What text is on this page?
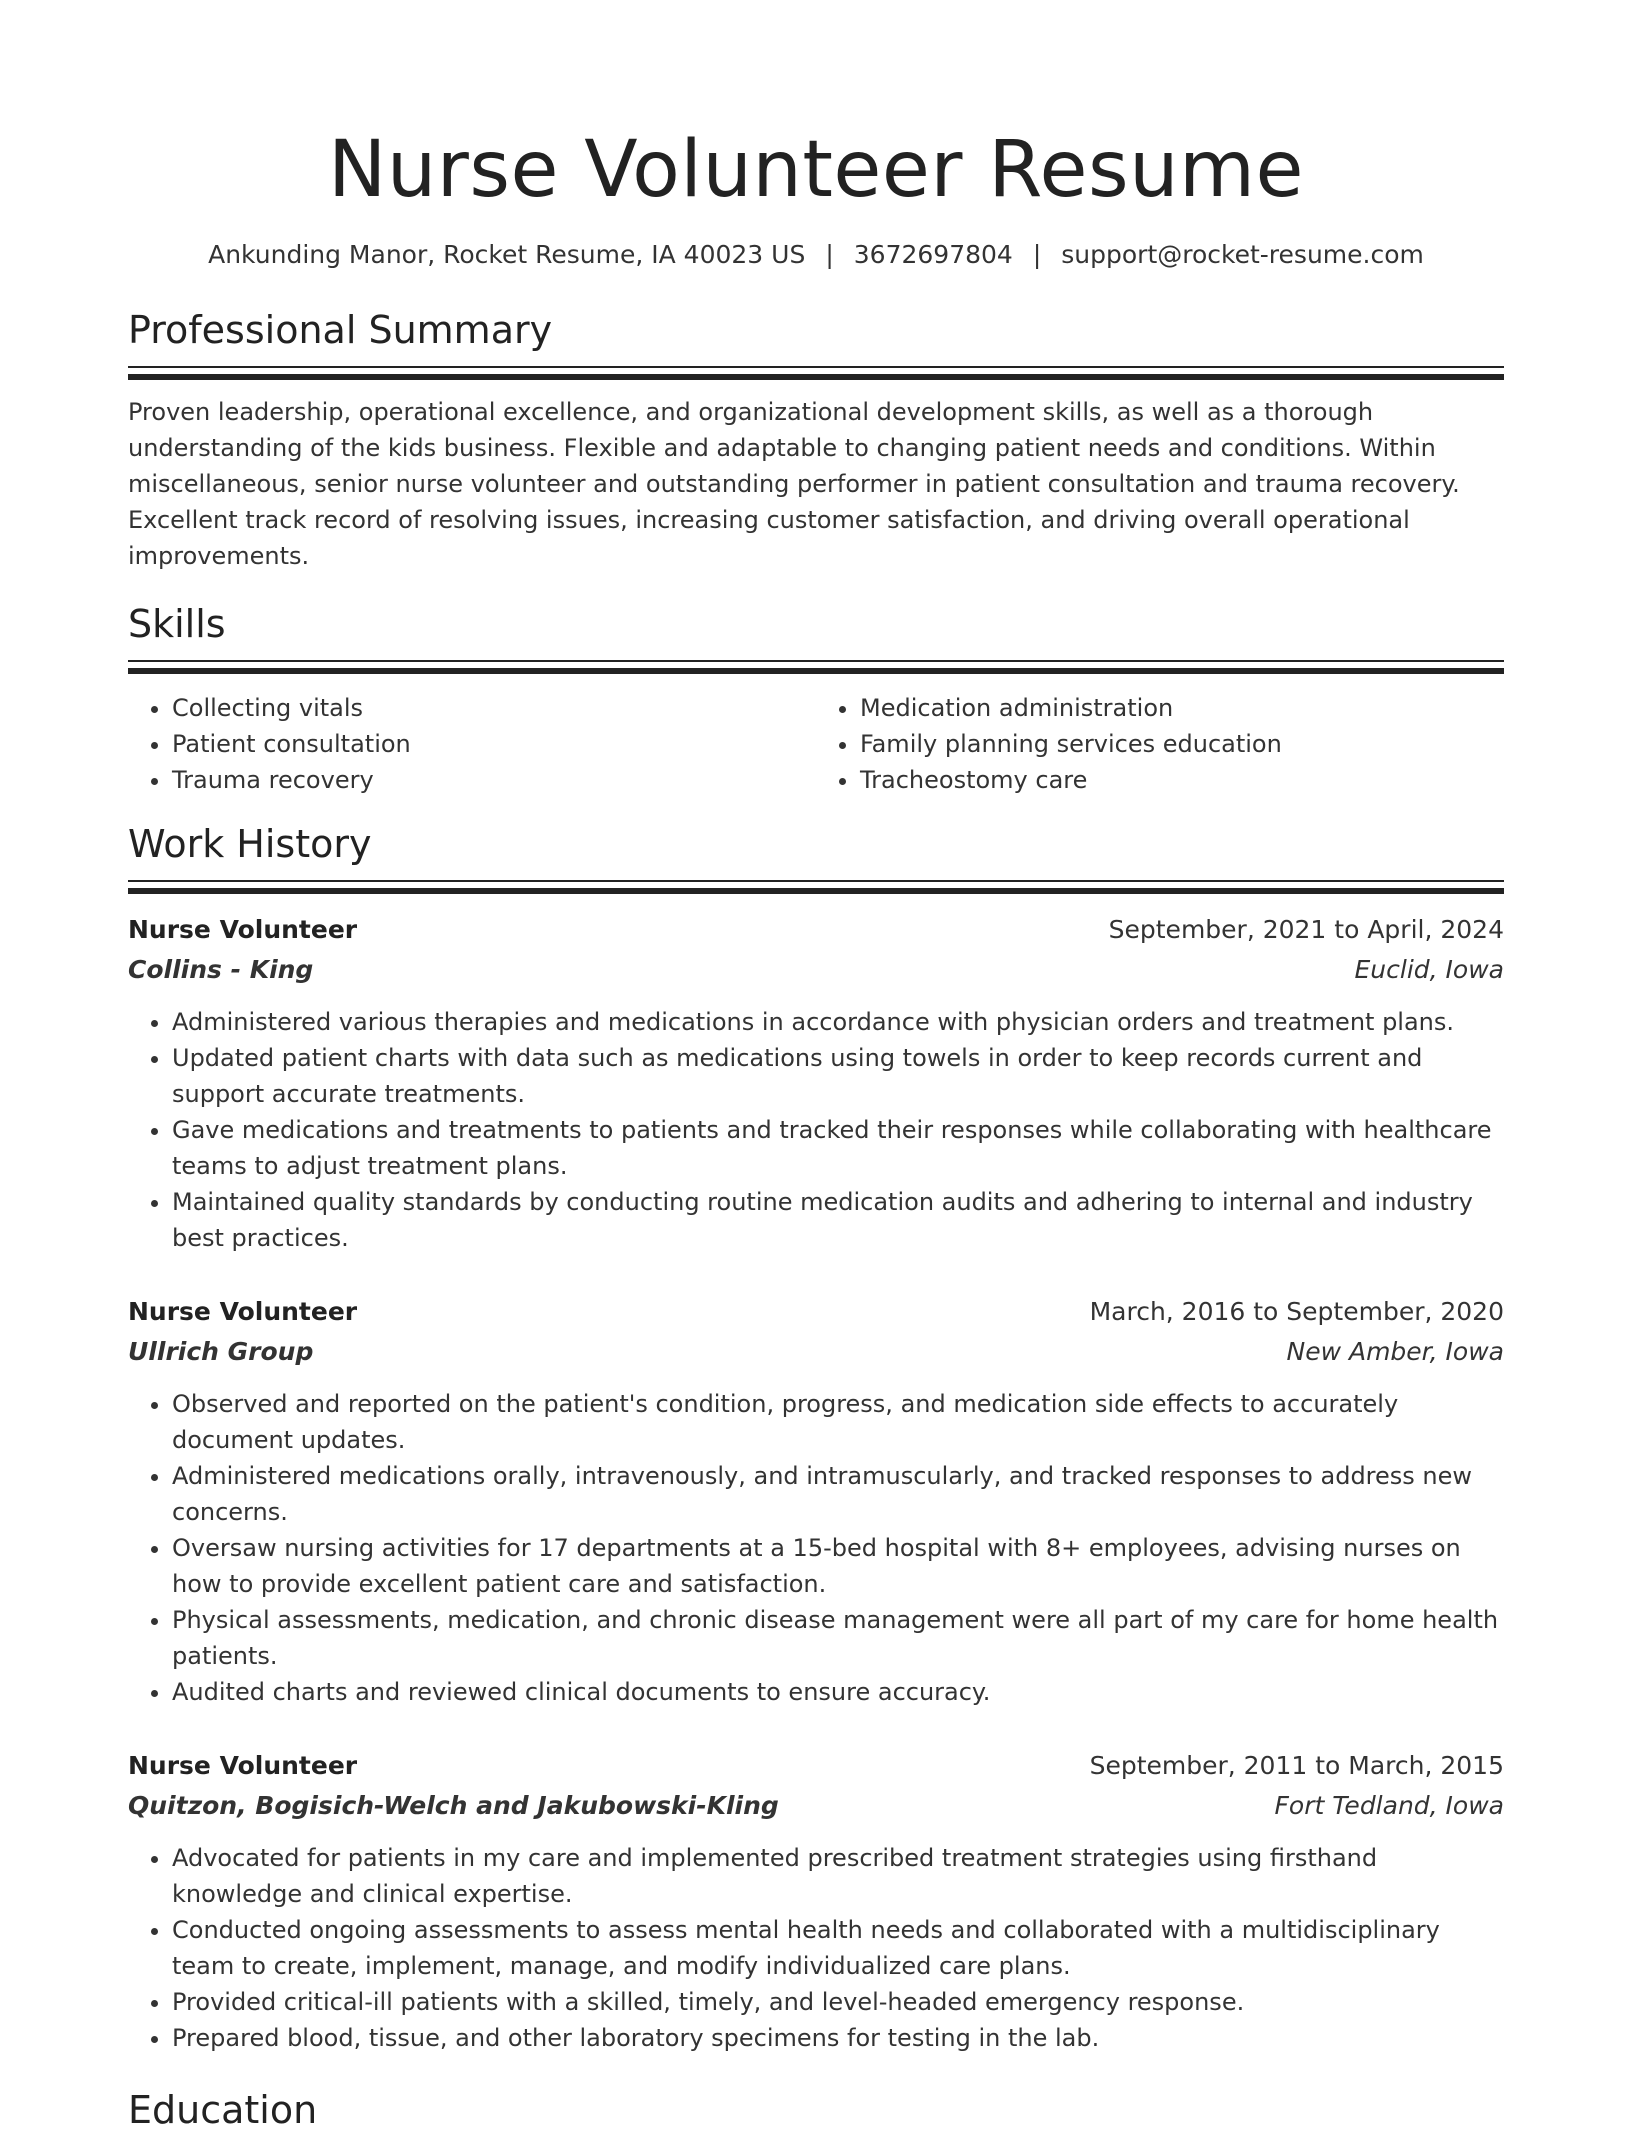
Nurse Volunteer Resume
Ankunding Manor, Rocket Resume, IA 40023 US | 3672697804 | support@rocket-resume.com
Professional Summary

Proven leadership, operational excellence, and organizational development skills, as well as a thorough understanding of the kids business. Flexible and adaptable to changing patient needs and conditions. Within miscellaneous, senior nurse volunteer and outstanding performer in patient consultation and trauma recovery. Excellent track record of resolving issues, increasing customer satisfaction, and driving overall operational improvements.

Skills
• Collecting vitals
• Patient consultation
• Trauma recovery
• Medication administration
• Family planning services education
• Tracheostomy care
Work History
Nurse Volunteer	September, 2021 to April, 2024
Collins - King	Euclid, Iowa
• Administered various therapies and medications in accordance with physician orders and treatment plans.
• Updated patient charts with data such as medications using towels in order to keep records current and support accurate treatments.
• Gave medications and treatments to patients and tracked their responses while collaborating with healthcare teams to adjust treatment plans.
• Maintained quality standards by conducting routine medication audits and adhering to internal and industry best practices.
Nurse Volunteer	March, 2016 to September, 2020
Ullrich Group	New Amber, Iowa
• Observed and reported on the patient's condition, progress, and medication side effects to accurately document updates.
• Administered medications orally, intravenously, and intramuscularly, and tracked responses to address new concerns.
• Oversaw nursing activities for 17 departments at a 15-bed hospital with 8+ employees, advising nurses on how to provide excellent patient care and satisfaction.
• Physical assessments, medication, and chronic disease management were all part of my care for home health patients.
• Audited charts and reviewed clinical documents to ensure accuracy.
Nurse Volunteer	September, 2011 to March, 2015
Quitzon, Bogisich-Welch and Jakubowski-Kling	Fort Tedland, Iowa
• Advocated for patients in my care and implemented prescribed treatment strategies using firsthand knowledge and clinical expertise.
• Conducted ongoing assessments to assess mental health needs and collaborated with a multidisciplinary team to create, implement, manage, and modify individualized care plans.
• Provided critical-ill patients with a skilled, timely, and level-headed emergency response.
• Prepared blood, tissue, and other laboratory specimens for testing in the lab.
Education
